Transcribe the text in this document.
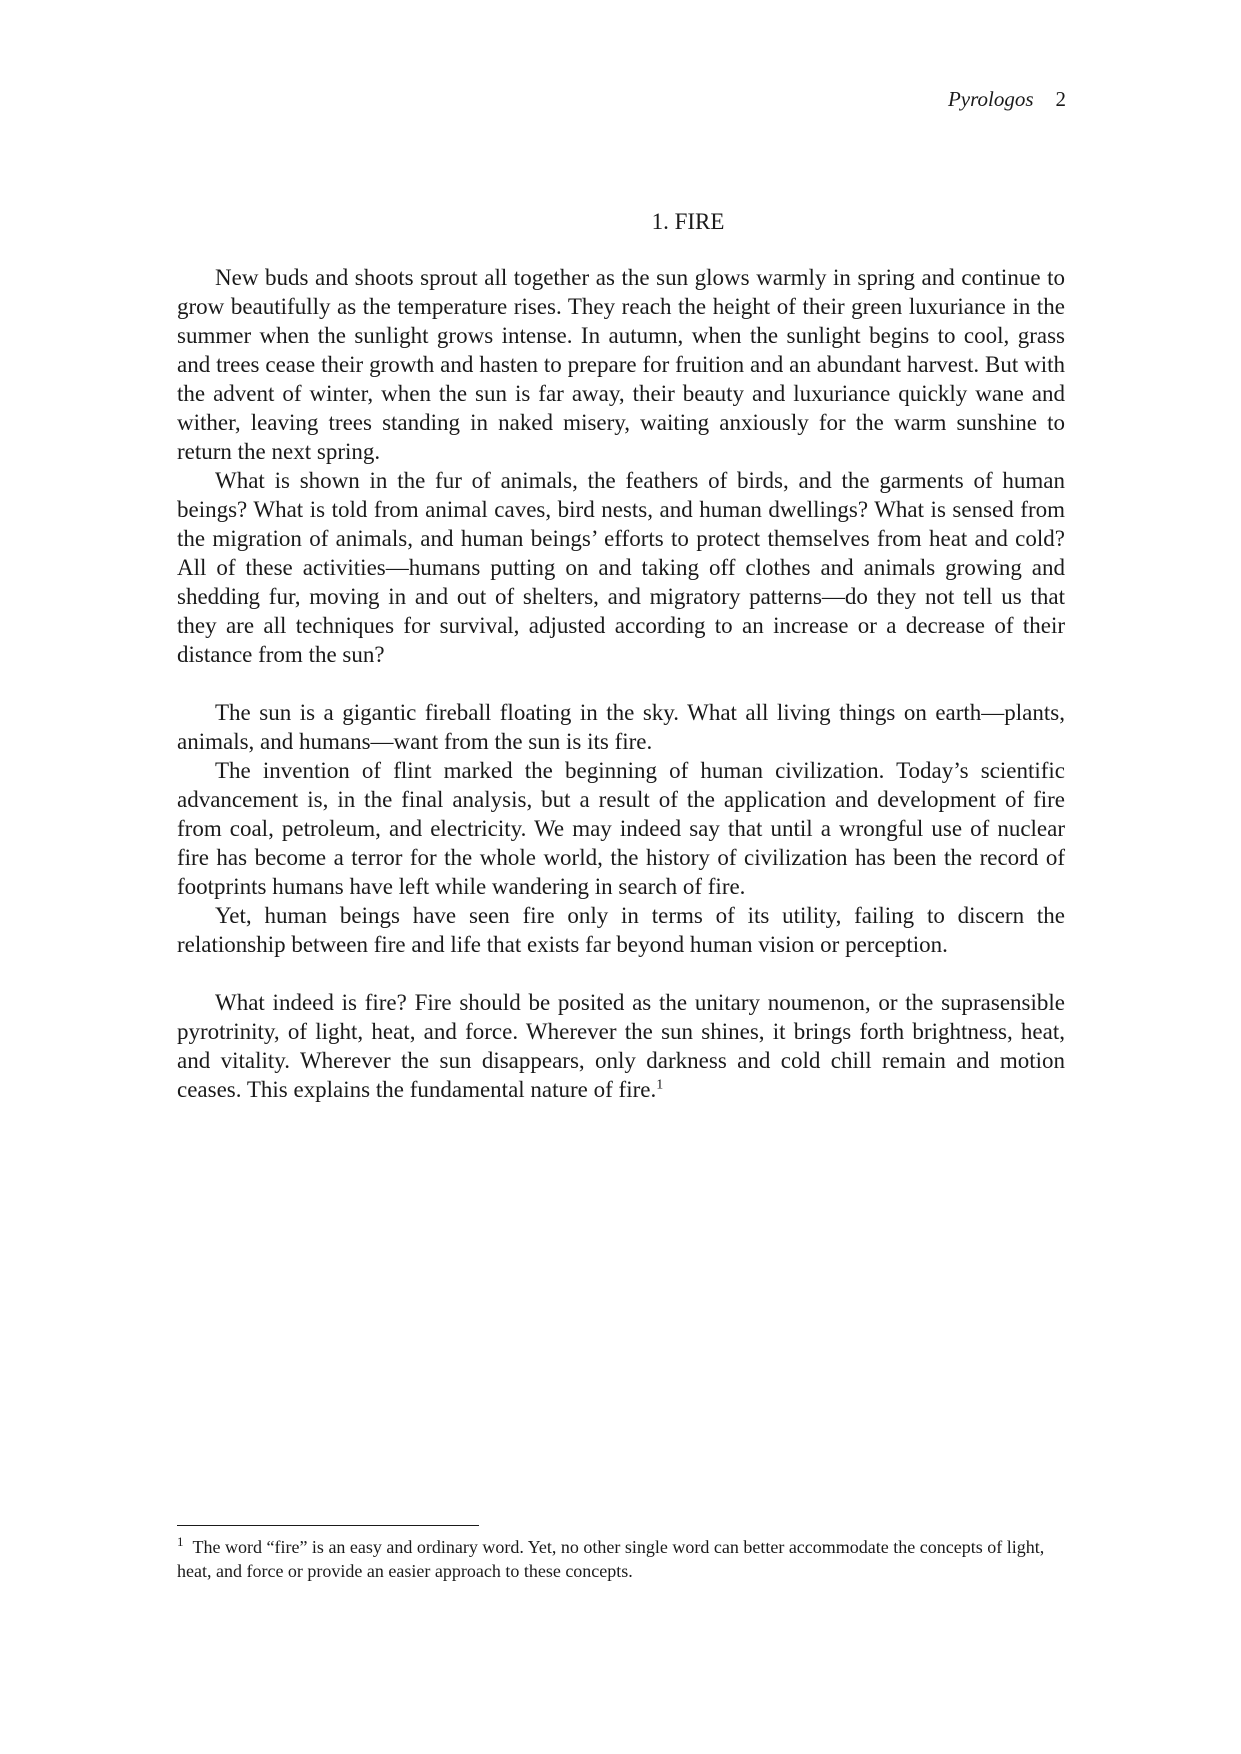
Pyrologos 2
1. FIRE

New buds and shoots sprout all together as the sun glows warmly in spring and continue to grow beautifully as the temperature rises. They reach the height of their green luxuriance in the summer when the sunlight grows intense. In autumn, when the sunlight begins to cool, grass and trees cease their growth and hasten to prepare for fruition and an abundant harvest. But with the advent of winter, when the sun is far away, their beauty and luxuriance quickly wane and wither, leaving trees standing in naked misery, waiting anxiously for the warm sunshine to return the next spring.

What is shown in the fur of animals, the feathers of birds, and the garments of human beings? What is told from animal caves, bird nests, and human dwellings? What is sensed from the migration of animals, and human beings’ efforts to protect themselves from heat and cold? All of these activities—humans putting on and taking off clothes and animals growing and shedding fur, moving in and out of shelters, and migratory patterns—do they not tell us that they are all techniques for survival, adjusted according to an increase or a decrease of their distance from the sun?

The sun is a gigantic fireball floating in the sky. What all living things on earth—plants, animals, and humans—want from the sun is its fire.

The invention of flint marked the beginning of human civilization. Today’s scientific advancement is, in the final analysis, but a result of the application and development of fire from coal, petroleum, and electricity. We may indeed say that until a wrongful use of nuclear fire has become a terror for the whole world, the history of civilization has been the record of footprints humans have left while wandering in search of fire.

Yet, human beings have seen fire only in terms of its utility, failing to discern the relationship between fire and life that exists far beyond human vision or perception.

What indeed is fire? Fire should be posited as the unitary noumenon, or the suprasensible pyrotrinity, of light, heat, and force. Wherever the sun shines, it brings forth brightness, heat, and vitality. Wherever the sun disappears, only darkness and cold chill remain and motion ceases. This explains the fundamental nature of fire.$^1$

$^1$ The word “fire” is an easy and ordinary word. Yet, no other single word can better accommodate the concepts of light, heat, and force or provide an easier approach to these concepts.
